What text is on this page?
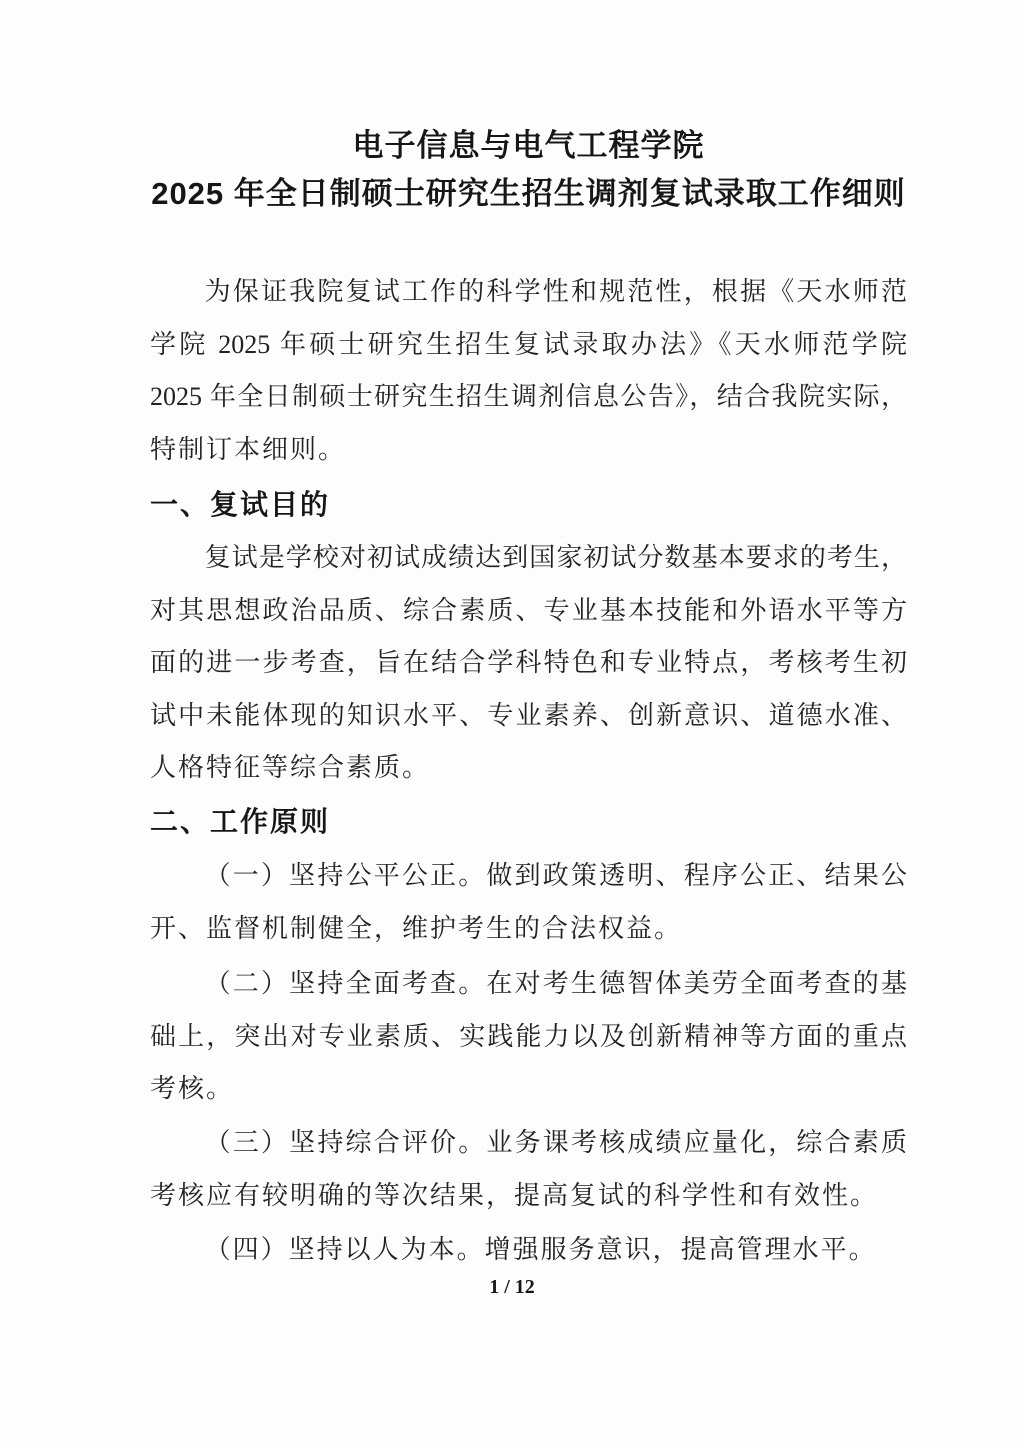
电子信息与电气工程学院
2025 年全日制硕士研究生招生调剂复试录取工作细则
为保证我院复试工作的科学性和规范性，根据《天水师范
学院 2025 年硕士研究生招生复试录取办法》《天水师范学院
2025 年全日制硕士研究生招生调剂信息公告》，结合我院实际，
特制订本细则。
一、复试目的
复试是学校对初试成绩达到国家初试分数基本要求的考生，
对其思想政治品质、综合素质、专业基本技能和外语水平等方
面的进一步考查，旨在结合学科特色和专业特点，考核考生初
试中未能体现的知识水平、专业素养、创新意识、道德水准、
人格特征等综合素质。
二、工作原则
（一）坚持公平公正。做到政策透明、程序公正、结果公
开、监督机制健全，维护考生的合法权益。
（二）坚持全面考查。在对考生德智体美劳全面考查的基
础上，突出对专业素质、实践能力以及创新精神等方面的重点
考核。
（三）坚持综合评价。业务课考核成绩应量化，综合素质
考核应有较明确的等次结果，提高复试的科学性和有效性。
（四）坚持以人为本。增强服务意识，提高管理水平。
1 / 12
